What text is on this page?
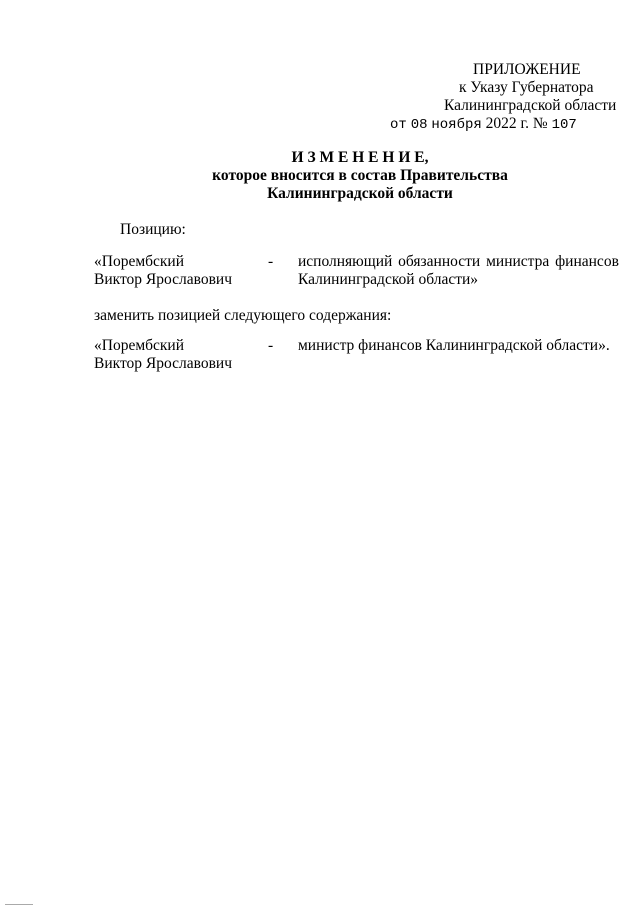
ПРИЛОЖЕНИЕ
к Указу Губернатора
Калининградской области
от 08 ноября 2022 г. № 107
И З М Е Н Е Н И Е,
которое вносится в состав Правительства
Калининградской области
Позицию:
«Порембский
Виктор Ярославович
- исполняющий обязанности министра финансов
Калининградской области»
заменить позицией следующего содержания:
«Порембский
Виктор Ярославович
- министр финансов Калининградской области».
